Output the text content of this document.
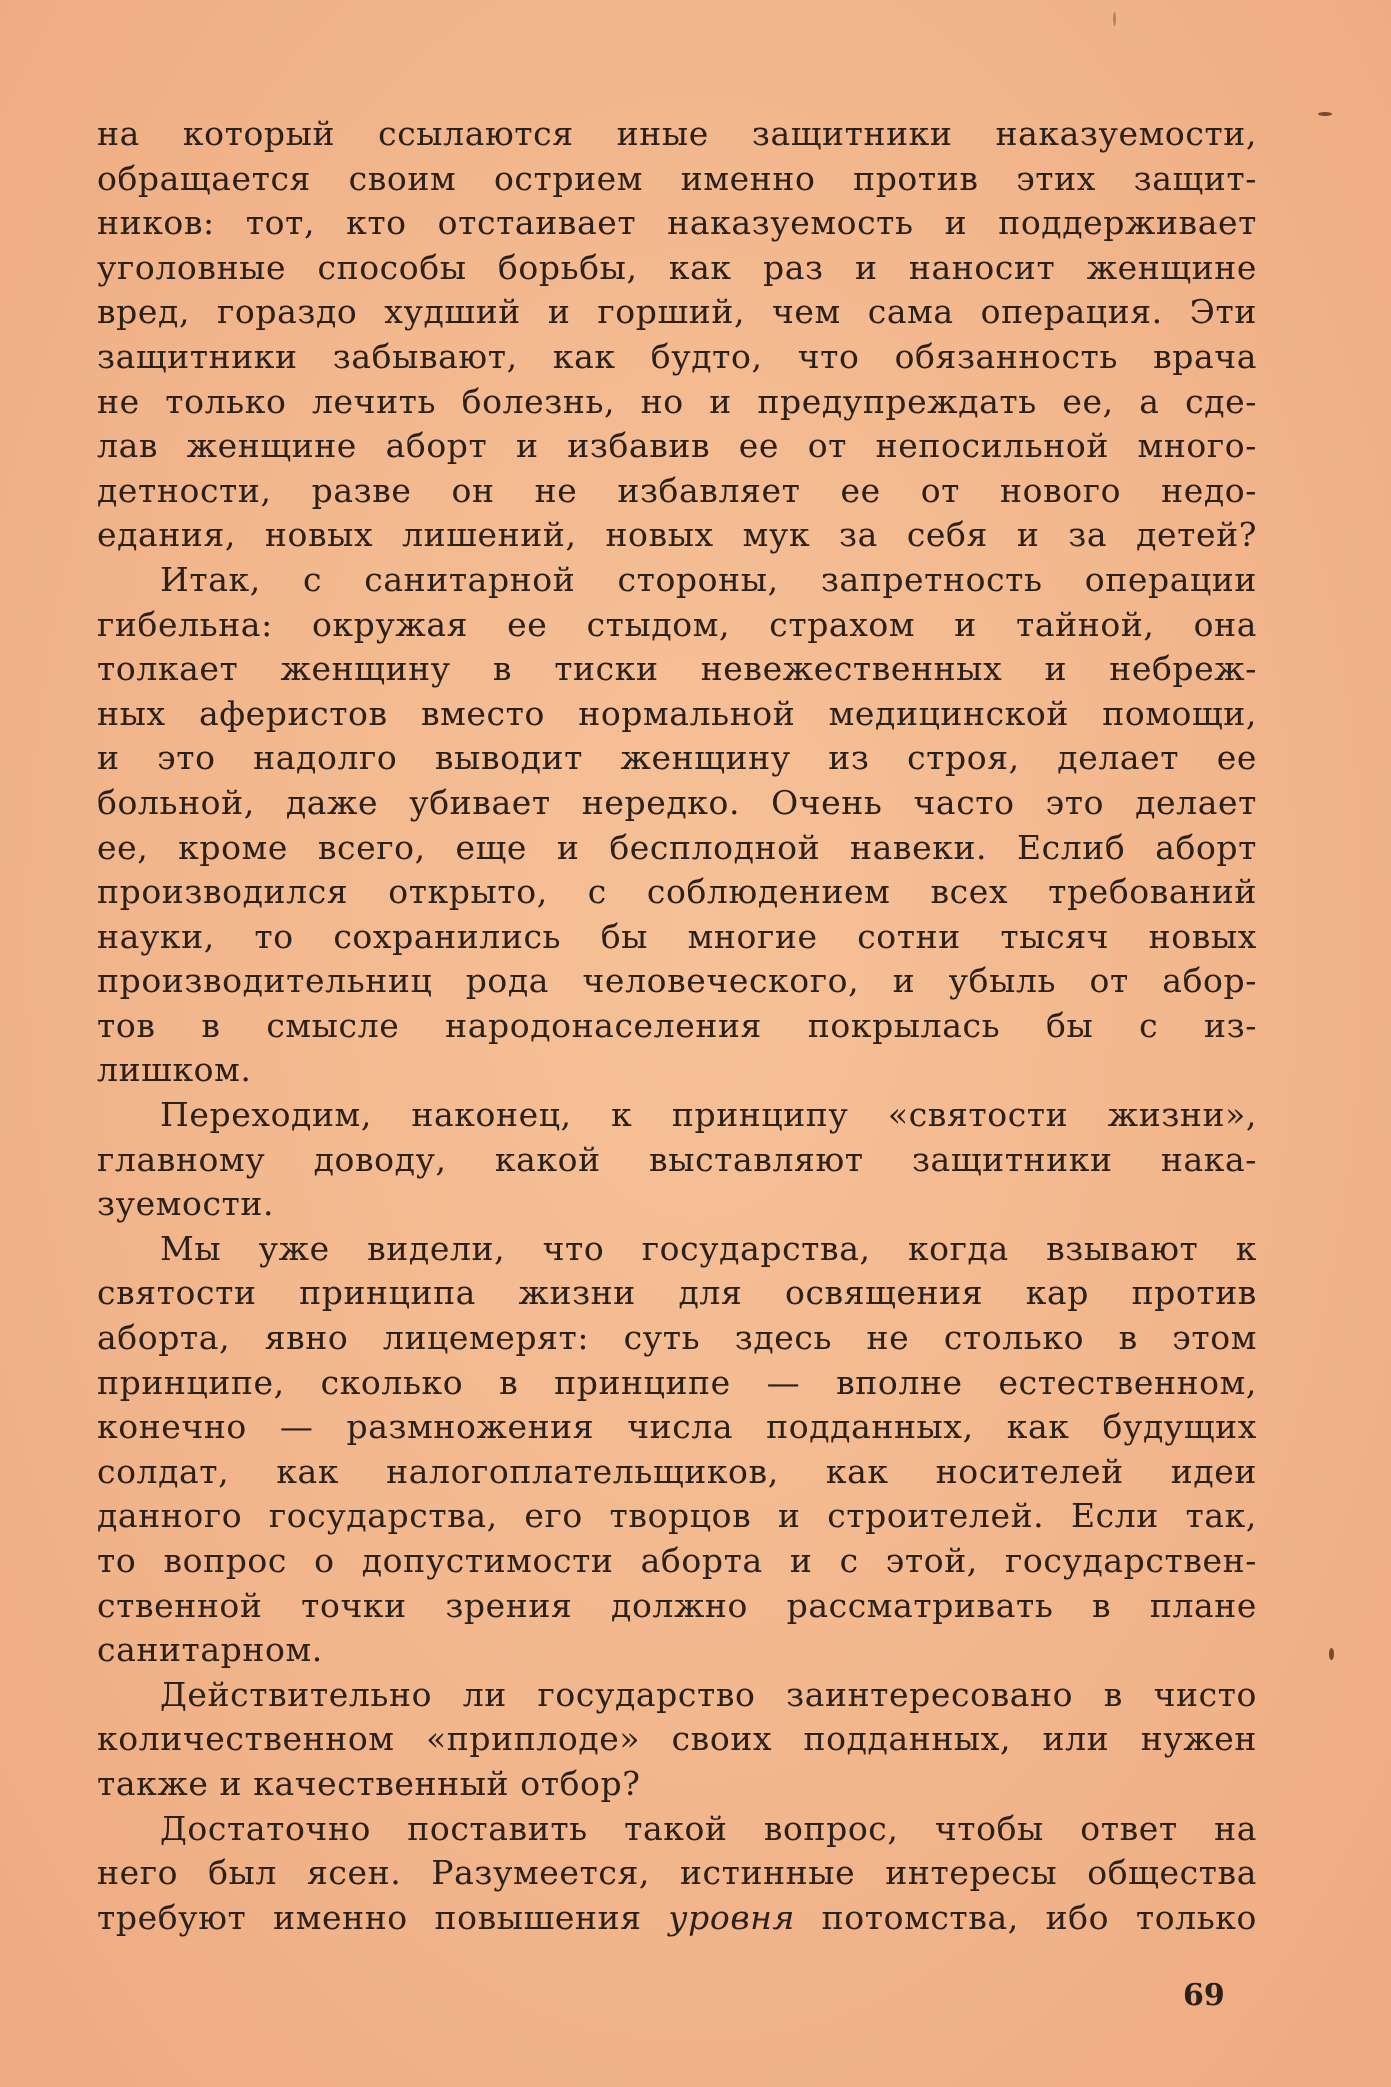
на который ссылаются иные защитники наказуемости,
обращается своим острием именно против этих защит-
ников: тот, кто отстаивает наказуемость и поддерживает
уголовные способы борьбы, как раз и наносит женщине
вред, гораздо худший и горший, чем сама операция. Эти
защитники забывают, как будто, что обязанность врача
не только лечить болезнь, но и предупреждать ее, а сде-
лав женщине аборт и избавив ее от непосильной много-
детности, разве он не избавляет ее от нового недо-
едания, новых лишений, новых мук за себя и за детей?

Итак, с санитарной стороны, запретность операции
гибельна: окружая ее стыдом, страхом и тайной, она
толкает женщину в тиски невежественных и небреж-
ных аферистов вместо нормальной медицинской помощи,
и это надолго выводит женщину из строя, делает ее
больной, даже убивает нередко. Очень часто это делает
ее, кроме всего, еще и бесплодной навеки. Еслиб аборт
производился открыто, с соблюдением всех требований
науки, то сохранились бы многие сотни тысяч новых
производительниц рода человеческого, и убыль от абор-
тов в смысле народонаселения покрылась бы с из-
лишком.

Переходим, наконец, к принципу «святости жизни»,
главному доводу, какой выставляют защитники нака-
зуемости.

Мы уже видели, что государства, когда взывают к
святости принципа жизни для освящения кар против
аборта, явно лицемерят: суть здесь не столько в этом
принципе, сколько в принципе — вполне естественном,
конечно — размножения числа подданных, как будущих
солдат, как налогоплательщиков, как носителей идеи
данного государства, его творцов и строителей. Если так,
то вопрос о допустимости аборта и с этой, государствен-
ственной точки зрения должно рассматривать в плане
санитарном.

Действительно ли государство заинтересовано в чисто
количественном «приплоде» своих подданных, или нужен
также и качественный отбор?

Достаточно поставить такой вопрос, чтобы ответ на
него был ясен. Разумеется, истинные интересы общества
требуют именно повышения уровня потомства, ибо только

69
